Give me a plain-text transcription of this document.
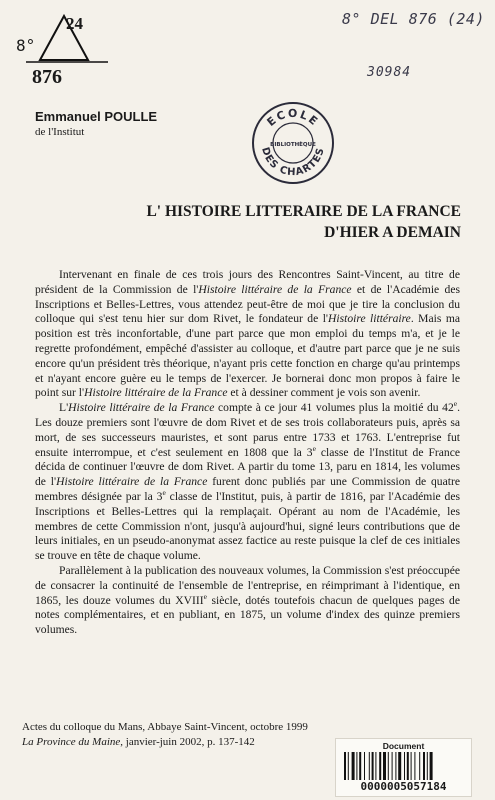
8°
24
876
8° DEL 876 (24)
30984
Emmanuel POULLE
de l'Institut
ECOLE
DES CHARTES
BIBLIOTHÈQUE
L' HISTOIRE LITTERAIRE DE LA FRANCE
D'HIER A DEMAIN

Intervenant en finale de ces trois jours des Rencontres Saint-Vincent, au titre de président de la Commission de l'Histoire littéraire de la France et de l'Académie des Inscriptions et Belles-Lettres, vous attendez peut-être de moi que je tire la conclusion du colloque qui s'est tenu hier sur dom Rivet, le fondateur de l'Histoire littéraire. Mais ma position est très inconfortable, d'une part parce que mon emploi du temps m'a, et je le regrette profondément, empêché d'assister au colloque, et d'autre part parce que je ne suis encore qu'un président très théorique, n'ayant pris cette fonction en charge qu'au printemps et n'ayant encore guère eu le temps de l'exercer. Je bornerai donc mon propos à faire le point sur l'Histoire littéraire de la France et à dessiner comment je vois son avenir.

L'Histoire littéraire de la France compte à ce jour 41 volumes plus la moitié du 42e. Les douze premiers sont l'œuvre de dom Rivet et de ses trois collaborateurs puis, après sa mort, de ses successeurs mauristes, et sont parus entre 1733 et 1763. L'entreprise fut ensuite interrompue, et c'est seulement en 1808 que la 3e classe de l'Institut de France décida de continuer l'œuvre de dom Rivet. A partir du tome 13, paru en 1814, les volumes de l'Histoire littéraire de la France furent donc publiés par une Commission de quatre membres désignée par la 3e classe de l'Institut, puis, à partir de 1816, par l'Académie des Inscriptions et Belles-Lettres qui la remplaçait. Opérant au nom de l'Académie, les membres de cette Commission n'ont, jusqu'à aujourd'hui, signé leurs contributions que de leurs initiales, en un pseudo-anonymat assez factice au reste puisque la clef de ces initiales se trouve en tête de chaque volume.

Parallèlement à la publication des nouveaux volumes, la Commission s'est préoccupée de consacrer la continuité de l'ensemble de l'entreprise, en réimprimant à l'identique, en 1865, les douze volumes du XVIIIe siècle, dotés toutefois chacun de quelques pages de notes complémentaires, et en publiant, en 1875, un volume d'index des quinze premiers volumes.

Actes du colloque du Mans, Abbaye Saint-Vincent, octobre 1999
La Province du Maine, janvier-juin 2002, p. 137-142	Document
0000005057184
